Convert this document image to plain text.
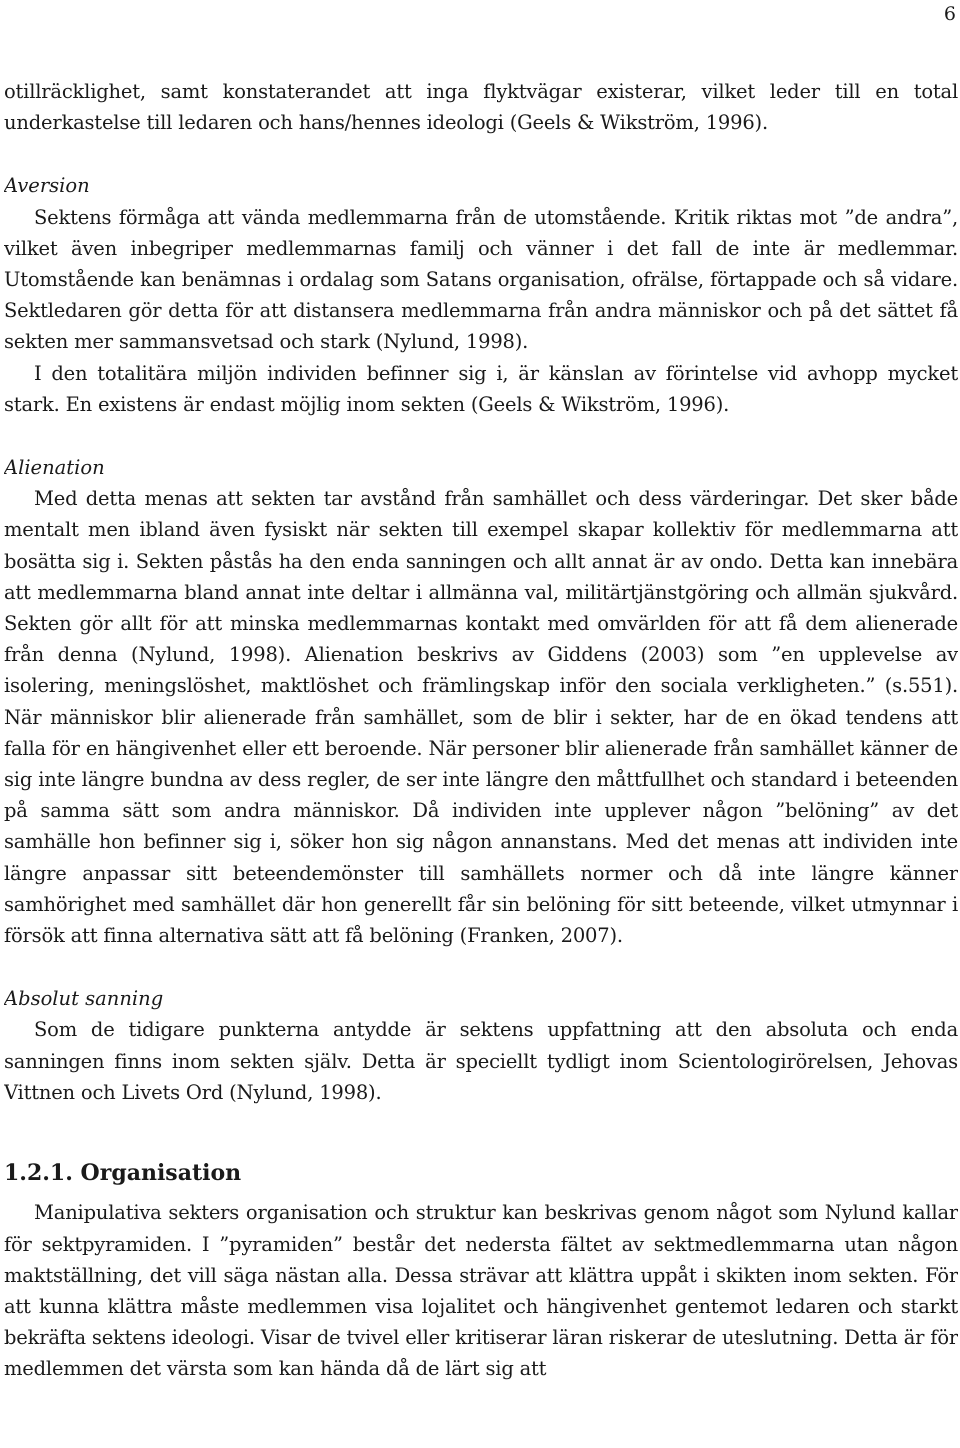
6

otillräcklighet, samt konstaterandet att inga flyktvägar existerar, vilket leder till en total underkastelse till ledaren och hans/hennes ideologi (Geels & Wikström, 1996).

Aversion

Sektens förmåga att vända medlemmarna från de utomstående. Kritik riktas mot ”de andra”, vilket även inbegriper medlemmarnas familj och vänner i det fall de inte är medlemmar. Utomstående kan benämnas i ordalag som Satans organisation, ofrälse, förtappade och så vidare. Sektledaren gör detta för att distansera medlemmarna från andra människor och på det sättet få sekten mer sammansvetsad och stark (Nylund, 1998).

I den totalitära miljön individen befinner sig i, är känslan av förintelse vid avhopp mycket stark. En existens är endast möjlig inom sekten (Geels & Wikström, 1996).

Alienation

Med detta menas att sekten tar avstånd från samhället och dess värderingar. Det sker både mentalt men ibland även fysiskt när sekten till exempel skapar kollektiv för medlemmarna att bosätta sig i. Sekten påstås ha den enda sanningen och allt annat är av ondo. Detta kan innebära att medlemmarna bland annat inte deltar i allmänna val, militärtjänstgöring och allmän sjukvård. Sekten gör allt för att minska medlemmarnas kontakt med omvärlden för att få dem alienerade från denna (Nylund, 1998). Alienation beskrivs av Giddens (2003) som ”en upplevelse av isolering, meningslöshet, maktlöshet och främlingskap inför den sociala verkligheten.” (s.551). När människor blir alienerade från samhället, som de blir i sekter, har de en ökad tendens att falla för en hängivenhet eller ett beroende. När personer blir alienerade från samhället känner de sig inte längre bundna av dess regler, de ser inte längre den måttfullhet och standard i beteenden på samma sätt som andra människor. Då individen inte upplever någon ”belöning” av det samhälle hon befinner sig i, söker hon sig någon annanstans. Med det menas att individen inte längre anpassar sitt beteendemönster till samhällets normer och då inte längre känner samhörighet med samhället där hon generellt får sin belöning för sitt beteende, vilket utmynnar i försök att finna alternativa sätt att få belöning (Franken, 2007).

Absolut sanning

Som de tidigare punkterna antydde är sektens uppfattning att den absoluta och enda sanningen finns inom sekten själv. Detta är speciellt tydligt inom Scientologirörelsen, Jehovas Vittnen och Livets Ord (Nylund, 1998).

1.2.1. Organisation

Manipulativa sekters organisation och struktur kan beskrivas genom något som Nylund kallar för sektpyramiden. I ”pyramiden” består det nedersta fältet av sektmedlemmarna utan någon maktställning, det vill säga nästan alla. Dessa strävar att klättra uppåt i skikten inom sekten. För att kunna klättra måste medlemmen visa lojalitet och hängivenhet gentemot ledaren och starkt bekräfta sektens ideologi. Visar de tvivel eller kritiserar läran riskerar de uteslutning. Detta är för medlemmen det värsta som kan hända då de lärt sig att
